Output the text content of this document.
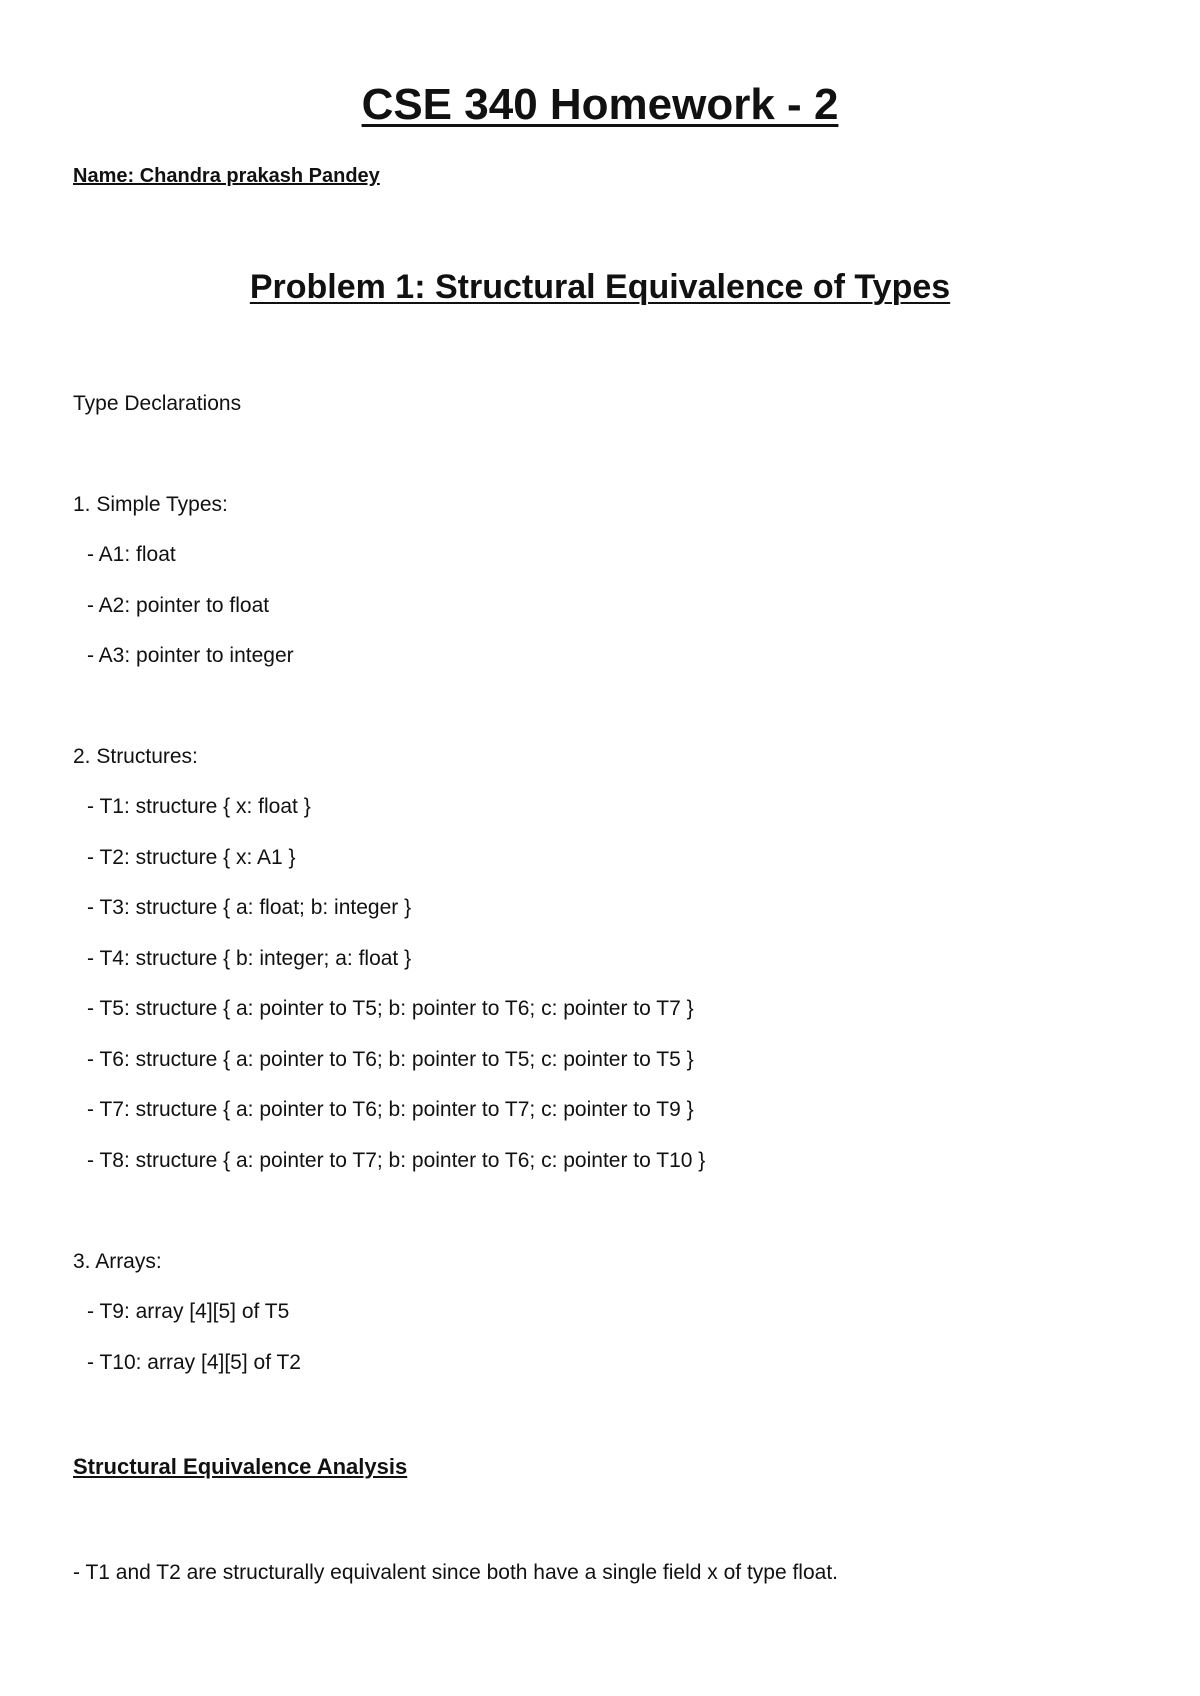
CSE 340 Homework - 2
Name: Chandra prakash Pandey
Problem 1: Structural Equivalence of Types
Type Declarations
1. Simple Types:
- A1: float
- A2: pointer to float
- A3: pointer to integer
2. Structures:
- T1: structure { x: float }
- T2: structure { x: A1 }
- T3: structure { a: float; b: integer }
- T4: structure { b: integer; a: float }
- T5: structure { a: pointer to T5; b: pointer to T6; c: pointer to T7 }
- T6: structure { a: pointer to T6; b: pointer to T5; c: pointer to T5 }
- T7: structure { a: pointer to T6; b: pointer to T7; c: pointer to T9 }
- T8: structure { a: pointer to T7; b: pointer to T6; c: pointer to T10 }
3. Arrays:
- T9: array [4][5] of T5
- T10: array [4][5] of T2
Structural Equivalence Analysis
- T1 and T2 are structurally equivalent since both have a single field x of type float.
